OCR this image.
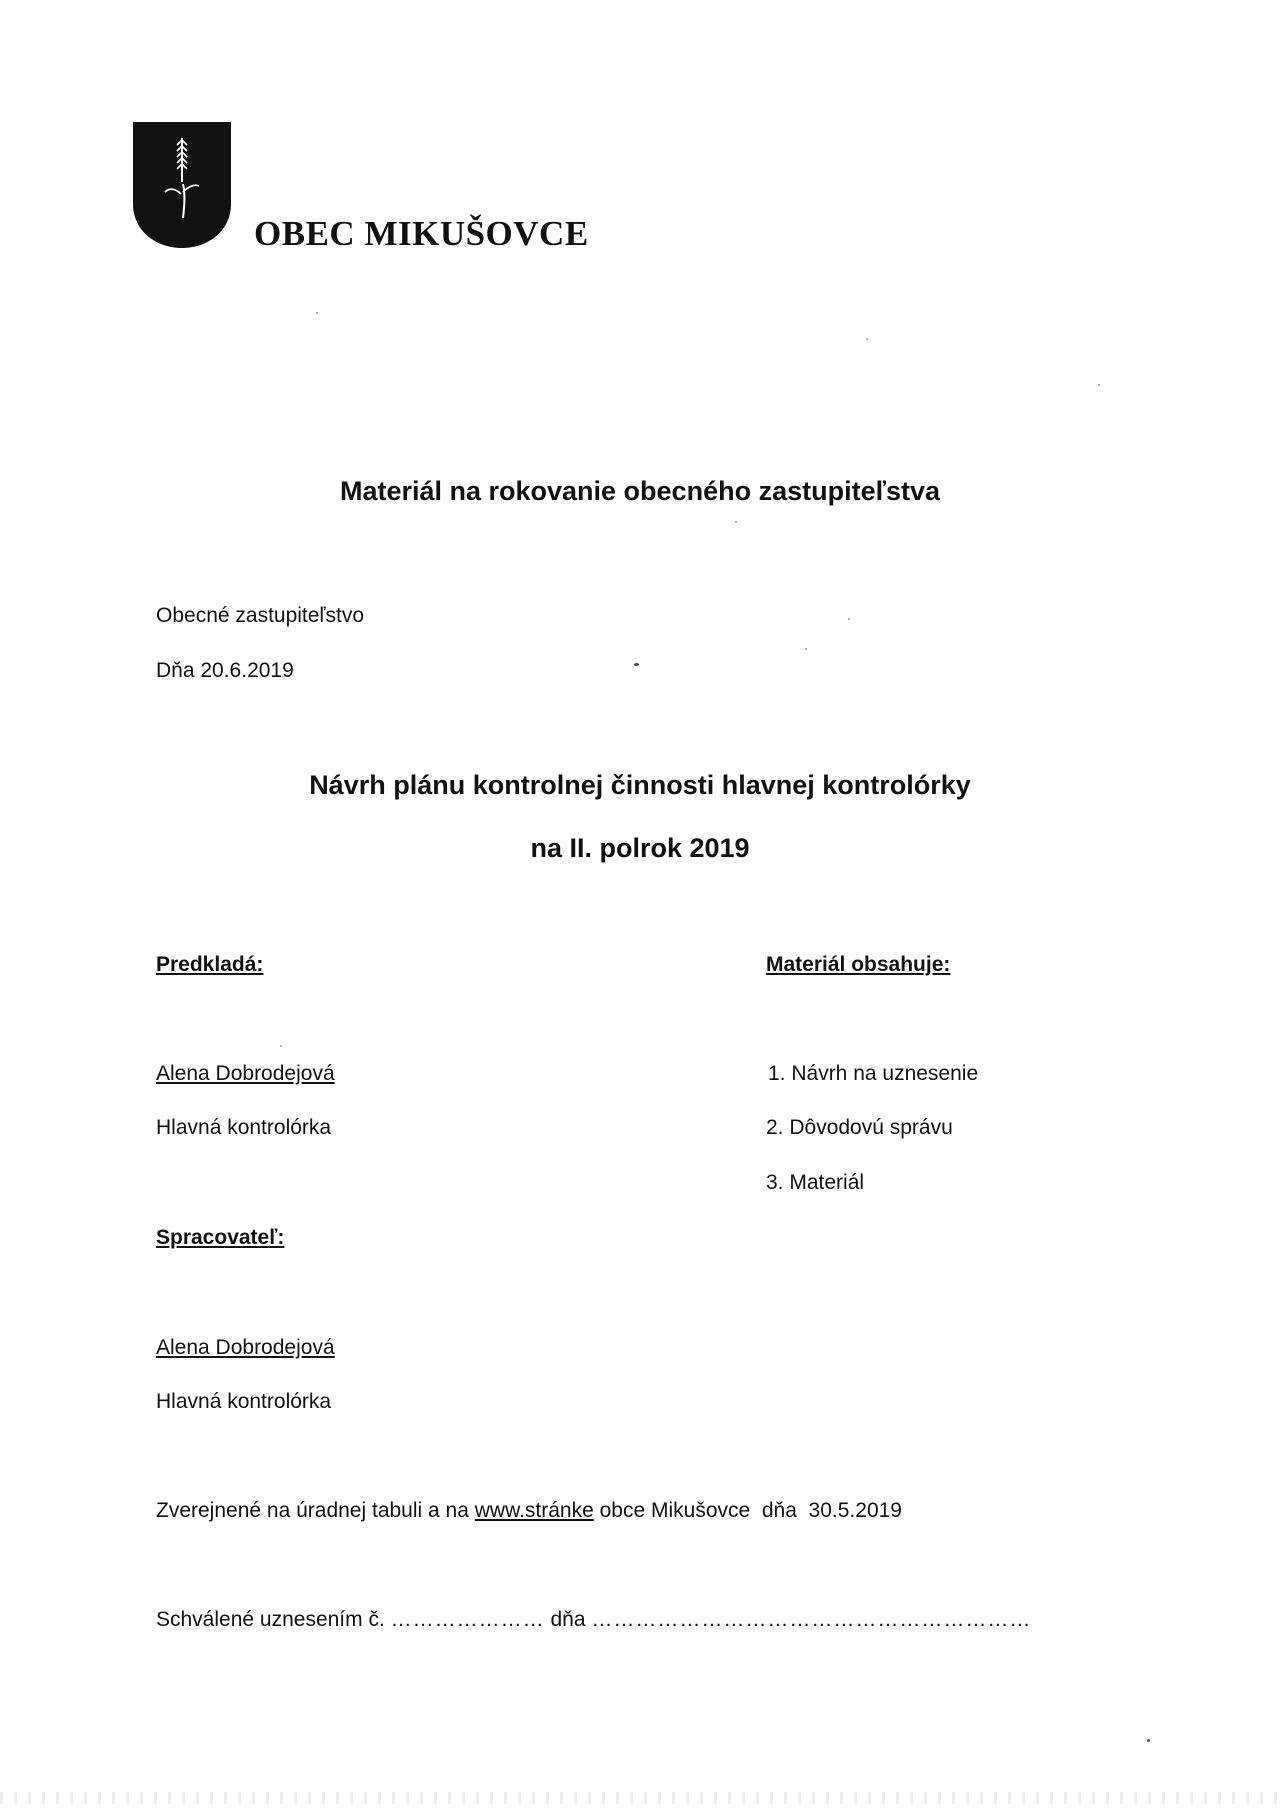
OBEC MIKUŠOVCE
Materiál na rokovanie obecného zastupiteľstva
Obecné zastupiteľstvo
Dňa 20.6.2019
Návrh plánu kontrolnej činnosti hlavnej kontrolórky
na II. polrok 2019
Predkladá:
Alena Dobrodejová
Hlavná kontrolórka
Materiál obsahuje:
1. Návrh na uznesenie
2. Dôvodovú správu
3. Materiál
Spracovateľ:
Alena Dobrodejová
Hlavná kontrolórka
Zverejnené na úradnej tabuli a na www.stránke obce Mikušovce  dňa  30.5.2019
Schválené uznesením č. ………………… dňa ……………………………………………………
